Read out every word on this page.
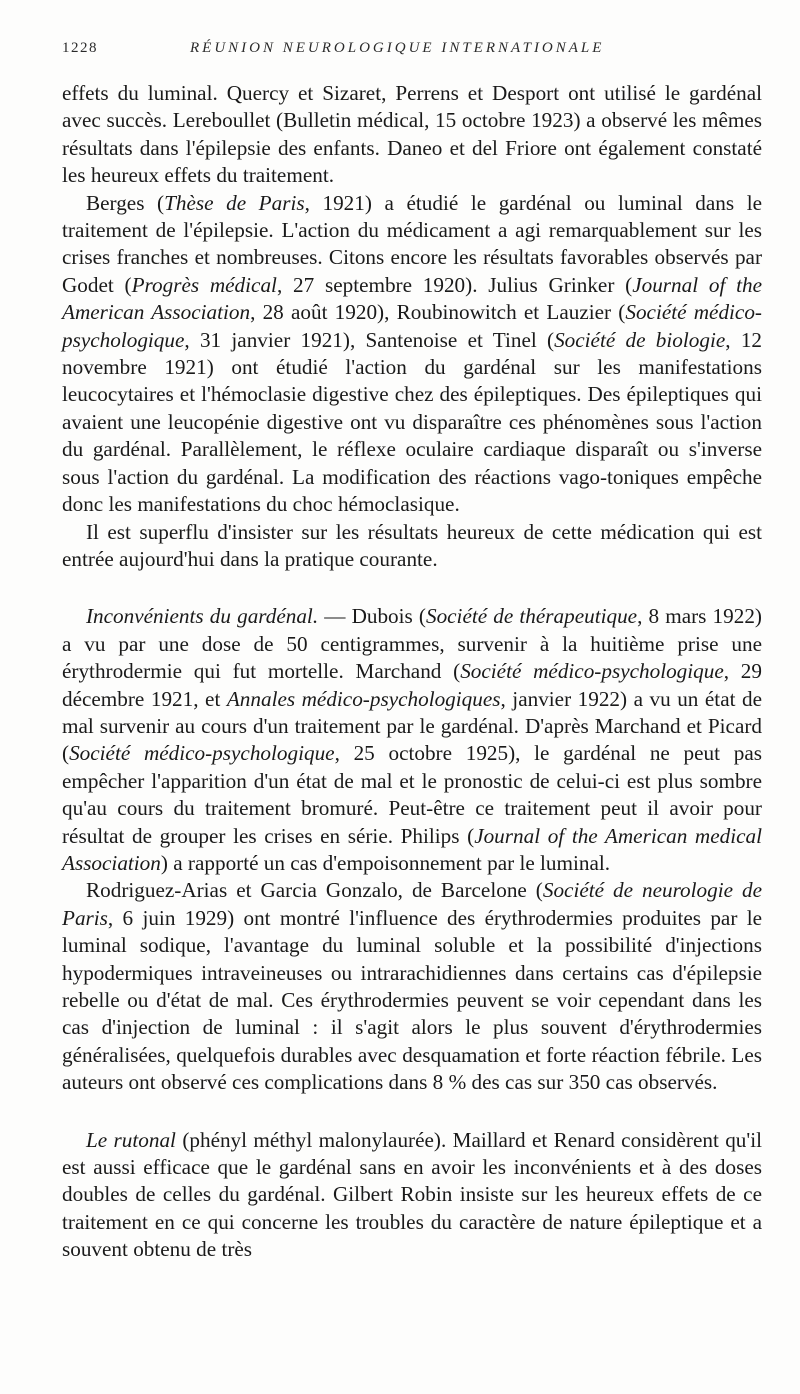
1228	RÉUNION NEUROLOGIQUE INTERNATIONALE

effets du luminal. Quercy et Sizaret, Perrens et Desport ont utilisé le gardénal avec succès. Lereboullet (Bulletin médical, 15 octobre 1923) a observé les mêmes résultats dans l'épilepsie des enfants. Daneo et del Friore ont également constaté les heureux effets du traitement.

Berges (Thèse de Paris, 1921) a étudié le gardénal ou luminal dans le traitement de l'épilepsie. L'action du médicament a agi remarquablement sur les crises franches et nombreuses. Citons encore les résultats favorables observés par Godet (Progrès médical, 27 septembre 1920). Julius Grinker (Journal of the American Association, 28 août 1920), Roubinowitch et Lauzier (Société médico-psychologique, 31 janvier 1921), Santenoise et Tinel (Société de biologie, 12 novembre 1921) ont étudié l'action du gardénal sur les manifestations leucocytaires et l'hémoclasie digestive chez des épileptiques. Des épileptiques qui avaient une leucopénie digestive ont vu disparaître ces phénomènes sous l'action du gardénal. Parallèlement, le réflexe oculaire cardiaque disparaît ou s'inverse sous l'action du gardénal. La modification des réactions vago-toniques empêche donc les manifestations du choc hémoclasique.

Il est superflu d'insister sur les résultats heureux de cette médication qui est entrée aujourd'hui dans la pratique courante.

Inconvénients du gardénal. — Dubois (Société de thérapeutique, 8 mars 1922) a vu par une dose de 50 centigrammes, survenir à la huitième prise une érythrodermie qui fut mortelle. Marchand (Société médico-psychologique, 29 décembre 1921, et Annales médico-psychologiques, janvier 1922) a vu un état de mal survenir au cours d'un traitement par le gardénal. D'après Marchand et Picard (Société médico-psychologique, 25 octobre 1925), le gardénal ne peut pas empêcher l'apparition d'un état de mal et le pronostic de celui-ci est plus sombre qu'au cours du traitement bromuré. Peut-être ce traitement peut il avoir pour résultat de grouper les crises en série. Philips (Journal of the American medical Association) a rapporté un cas d'empoisonnement par le luminal.

Rodriguez-Arias et Garcia Gonzalo, de Barcelone (Société de neurologie de Paris, 6 juin 1929) ont montré l'influence des érythrodermies produites par le luminal sodique, l'avantage du luminal soluble et la possibilité d'injections hypodermiques intraveineuses ou intrarachidiennes dans certains cas d'épilepsie rebelle ou d'état de mal. Ces érythrodermies peuvent se voir cependant dans les cas d'injection de luminal : il s'agit alors le plus souvent d'érythrodermies généralisées, quelquefois durables avec desquamation et forte réaction fébrile. Les auteurs ont observé ces complications dans 8 % des cas sur 350 cas observés.

Le rutonal (phényl méthyl malonylaurée). Maillard et Renard considèrent qu'il est aussi efficace que le gardénal sans en avoir les inconvénients et à des doses doubles de celles du gardénal. Gilbert Robin insiste sur les heureux effets de ce traitement en ce qui concerne les troubles du caractère de nature épileptique et a souvent obtenu de très
